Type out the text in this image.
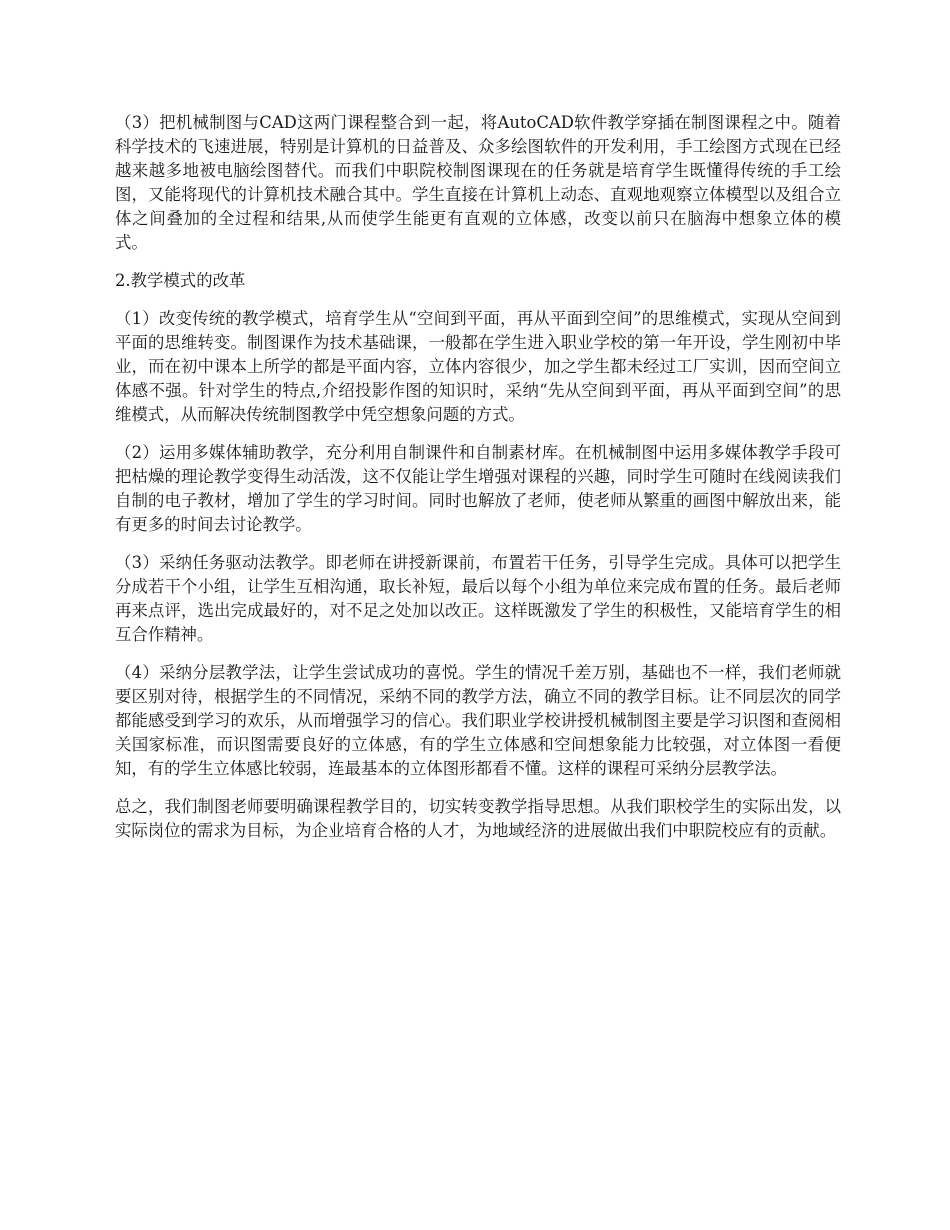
（3）把机械制图与CAD这两门课程整合到一起，将AutoCAD软件教学穿插在制图课程之中。随着科学技术的飞速进展，特别是计算机的日益普及、众多绘图软件的开发利用，手工绘图方式现在已经越来越多地被电脑绘图替代。而我们中职院校制图课现在的任务就是培育学生既懂得传统的手工绘图，又能将现代的计算机技术融合其中。学生直接在计算机上动态、直观地观察立体模型以及组合立体之间叠加的全过程和结果,从而使学生能更有直观的立体感，改变以前只在脑海中想象立体的模式。

2.教学模式的改革

（1）改变传统的教学模式，培育学生从“空间到平面，再从平面到空间”的思维模式，实现从空间到平面的思维转变。制图课作为技术基础课，一般都在学生进入职业学校的第一年开设，学生刚初中毕业，而在初中课本上所学的都是平面内容，立体内容很少，加之学生都未经过工厂实训，因而空间立体感不强。针对学生的特点,介绍投影作图的知识时，采纳“先从空间到平面，再从平面到空间”的思维模式，从而解决传统制图教学中凭空想象问题的方式。

（2）运用多媒体辅助教学，充分利用自制课件和自制素材库。在机械制图中运用多媒体教学手段可把枯燥的理论教学变得生动活泼，这不仅能让学生增强对课程的兴趣，同时学生可随时在线阅读我们自制的电子教材，增加了学生的学习时间。同时也解放了老师，使老师从繁重的画图中解放出来，能有更多的时间去讨论教学。

（3）采纳任务驱动法教学。即老师在讲授新课前，布置若干任务，引导学生完成。具体可以把学生分成若干个小组，让学生互相沟通，取长补短，最后以每个小组为单位来完成布置的任务。最后老师再来点评，选出完成最好的，对不足之处加以改正。这样既激发了学生的积极性，又能培育学生的相互合作精神。

（4）采纳分层教学法，让学生尝试成功的喜悦。学生的情况千差万别，基础也不一样，我们老师就要区别对待，根据学生的不同情况，采纳不同的教学方法，确立不同的教学目标。让不同层次的同学都能感受到学习的欢乐，从而增强学习的信心。我们职业学校讲授机械制图主要是学习识图和查阅相关国家标准，而识图需要良好的立体感，有的学生立体感和空间想象能力比较强，对立体图一看便知，有的学生立体感比较弱，连最基本的立体图形都看不懂。这样的课程可采纳分层教学法。

总之，我们制图老师要明确课程教学目的，切实转变教学指导思想。从我们职校学生的实际出发，以实际岗位的需求为目标，为企业培育合格的人才，为地域经济的进展做出我们中职院校应有的贡献。
